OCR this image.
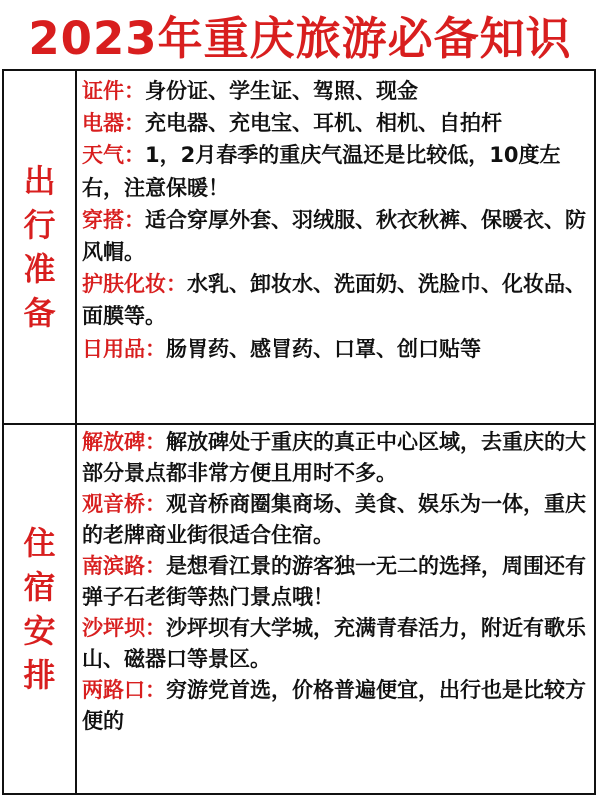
2023年重庆旅游必备知识
出
行
准
备

证件：身份证、学生证、驾照、现金

电器：充电器、充电宝、耳机、相机、自拍杆

天气：1，2月春季的重庆气温还是比较低，10度左右，注意保暖！

穿搭：适合穿厚外套、羽绒服、秋衣秋裤、保暖衣、防风帽。

护肤化妆：水乳、卸妆水、洗面奶、洗脸巾、化妆品、面膜等。

日用品：肠胃药、感冒药、口罩、创口贴等

住
宿
安
排

解放碑：解放碑处于重庆的真正中心区域，去重庆的大部分景点都非常方便且用时不多。

观音桥：观音桥商圈集商场、美食、娱乐为一体，重庆的老牌商业街很适合住宿。

南滨路：是想看江景的游客独一无二的选择，周围还有弹子石老街等热门景点哦！

沙坪坝：沙坪坝有大学城，充满青春活力，附近有歌乐山、磁器口等景区。

两路口：穷游党首选，价格普遍便宜，出行也是比较方便的
